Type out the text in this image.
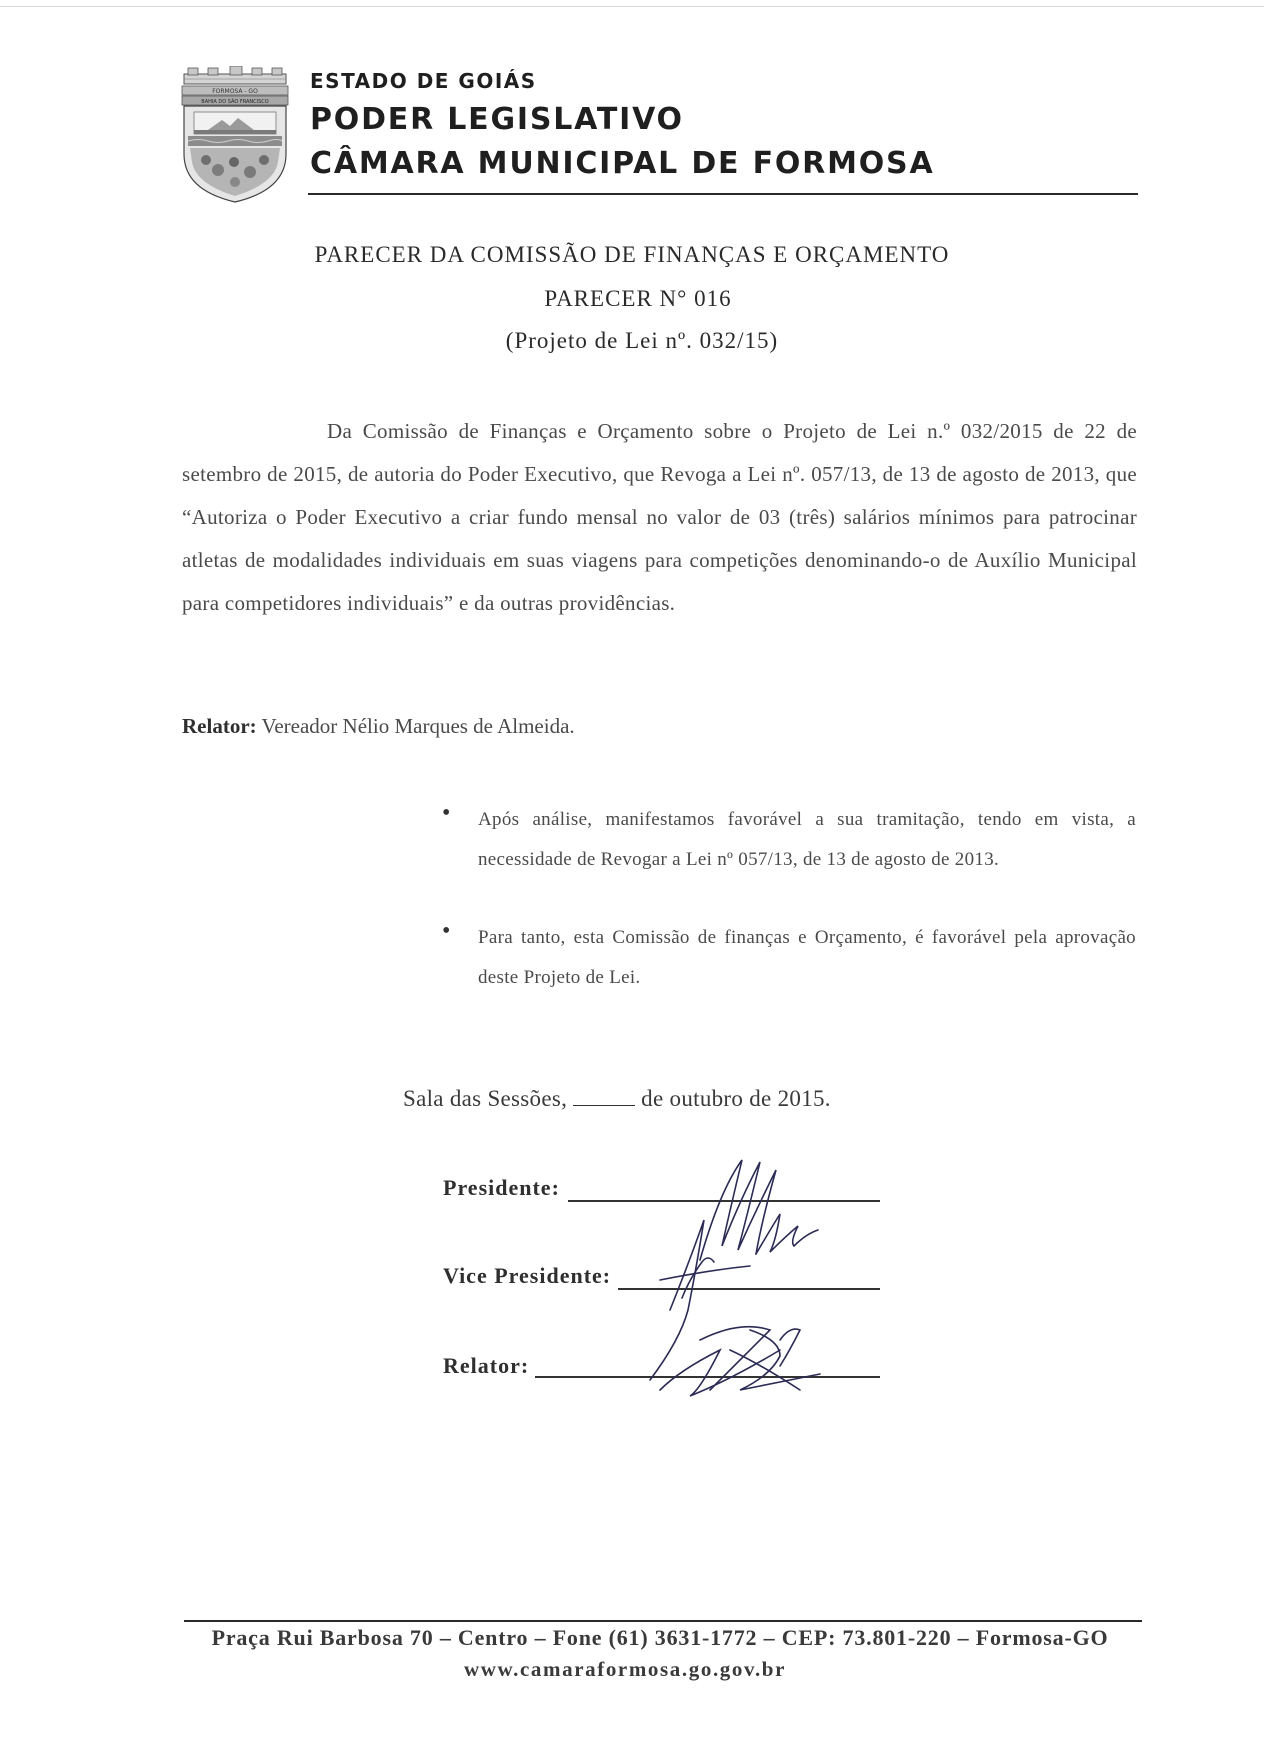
FORMOSA - GO
BAHIA DO SÃO FRANCISCO
ESTADO DE GOIÁS
PODER LEGISLATIVO
CÂMARA MUNICIPAL DE FORMOSA
PARECER DA COMISSÃO DE FINANÇAS E ORÇAMENTO
PARECER N° 016
(Projeto de Lei nº. 032/15)
Da Comissão de Finanças e Orçamento sobre o Projeto de Lei n.º 032/2015 de 22 de setembro de 2015, de autoria do Poder Executivo, que Revoga a Lei nº. 057/13, de 13 de agosto de 2013, que “Autoriza o Poder Executivo a criar fundo mensal no valor de 03 (três) salários mínimos para patrocinar atletas de modalidades individuais em suas viagens para competições denominando-o de Auxílio Municipal para competidores individuais” e da outras providências.
Relator: Vereador Nélio Marques de Almeida.
• Após análise, manifestamos favorável a sua tramitação, tendo em vista, a necessidade de Revogar a Lei nº 057/13, de 13 de agosto de 2013.
• Para tanto, esta Comissão de finanças e Orçamento, é favorável pela aprovação deste Projeto de Lei.
Sala das Sessões,	de outubro de 2015.
Presidente:
Vice Presidente:
Relator:
Praça Rui Barbosa 70 – Centro – Fone (61) 3631-1772 – CEP: 73.801-220 – Formosa-GO
www.camaraformosa.go.gov.br
